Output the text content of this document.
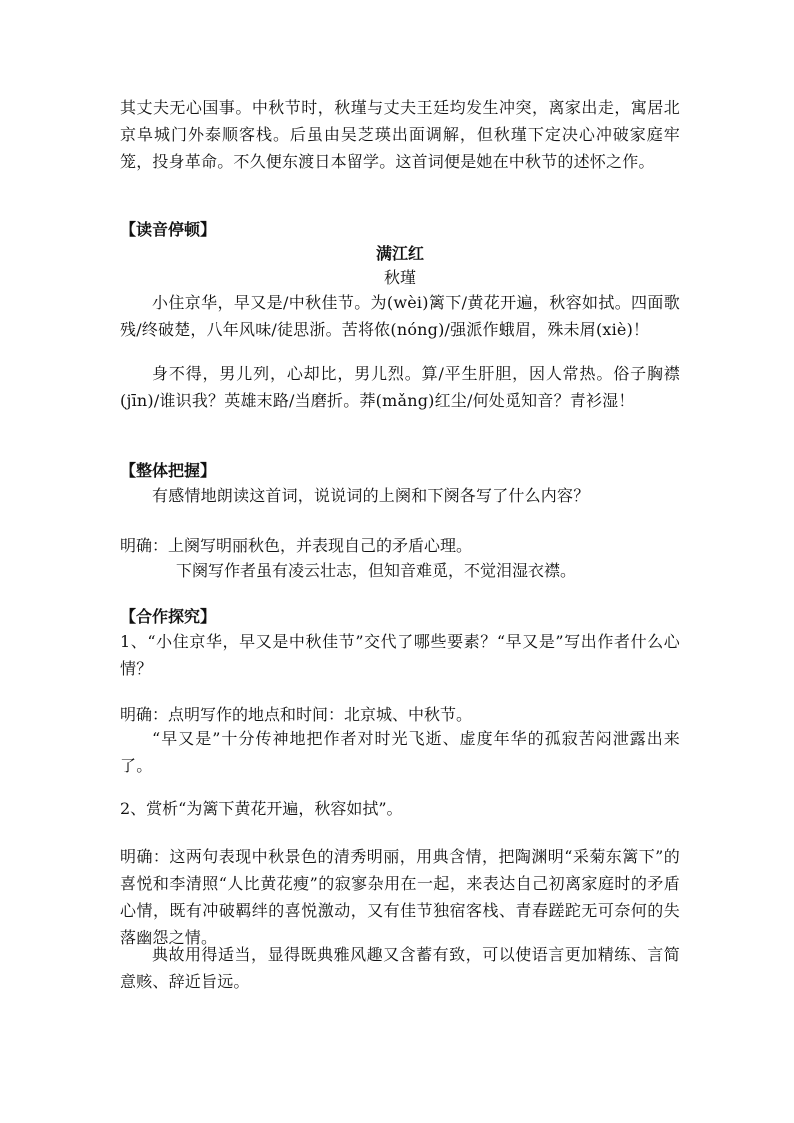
其丈夫无心国事。中秋节时，秋瑾与丈夫王廷均发生冲突，离家出走，寓居北京阜城门外泰顺客栈。后虽由吴芝瑛出面调解，但秋瑾下定决心冲破家庭牢笼，投身革命。不久便东渡日本留学。这首词便是她在中秋节的述怀之作。

【读音停顿】

满江红

秋瑾

小住京华，早又是/中秋佳节。为(wèi)篱下/黄花开遍，秋容如拭。四面歌残/终破楚，八年风味/徒思浙。苦将侬(nóng)/强派作蛾眉，殊未屑(xiè)！

身不得，男儿列，心却比，男儿烈。算/平生肝胆，因人常热。俗子胸襟(jīn)/谁识我？英雄末路/当磨折。莽(mǎng)红尘/何处觅知音？青衫湿！

【整体把握】

有感情地朗读这首词，说说词的上阕和下阕各写了什么内容？

明确：上阕写明丽秋色，并表现自己的矛盾心理。

下阕写作者虽有凌云壮志，但知音难觅，不觉泪湿衣襟。

【合作探究】

1、“小住京华，早又是中秋佳节”交代了哪些要素？“早又是”写出作者什么心情？

明确：点明写作的地点和时间：北京城、中秋节。

“早又是”十分传神地把作者对时光飞逝、虚度年华的孤寂苦闷泄露出来了。

2、赏析“为篱下黄花开遍，秋容如拭”。

明确：这两句表现中秋景色的清秀明丽，用典含情，把陶渊明“采菊东篱下”的喜悦和李清照“人比黄花瘦”的寂寥杂用在一起，来表达自己初离家庭时的矛盾心情，既有冲破羁绊的喜悦激动，又有佳节独宿客栈、青春蹉跎无可奈何的失落幽怨之情。

典故用得适当，显得既典雅风趣又含蓄有致，可以使语言更加精练、言简意赅、辞近旨远。
